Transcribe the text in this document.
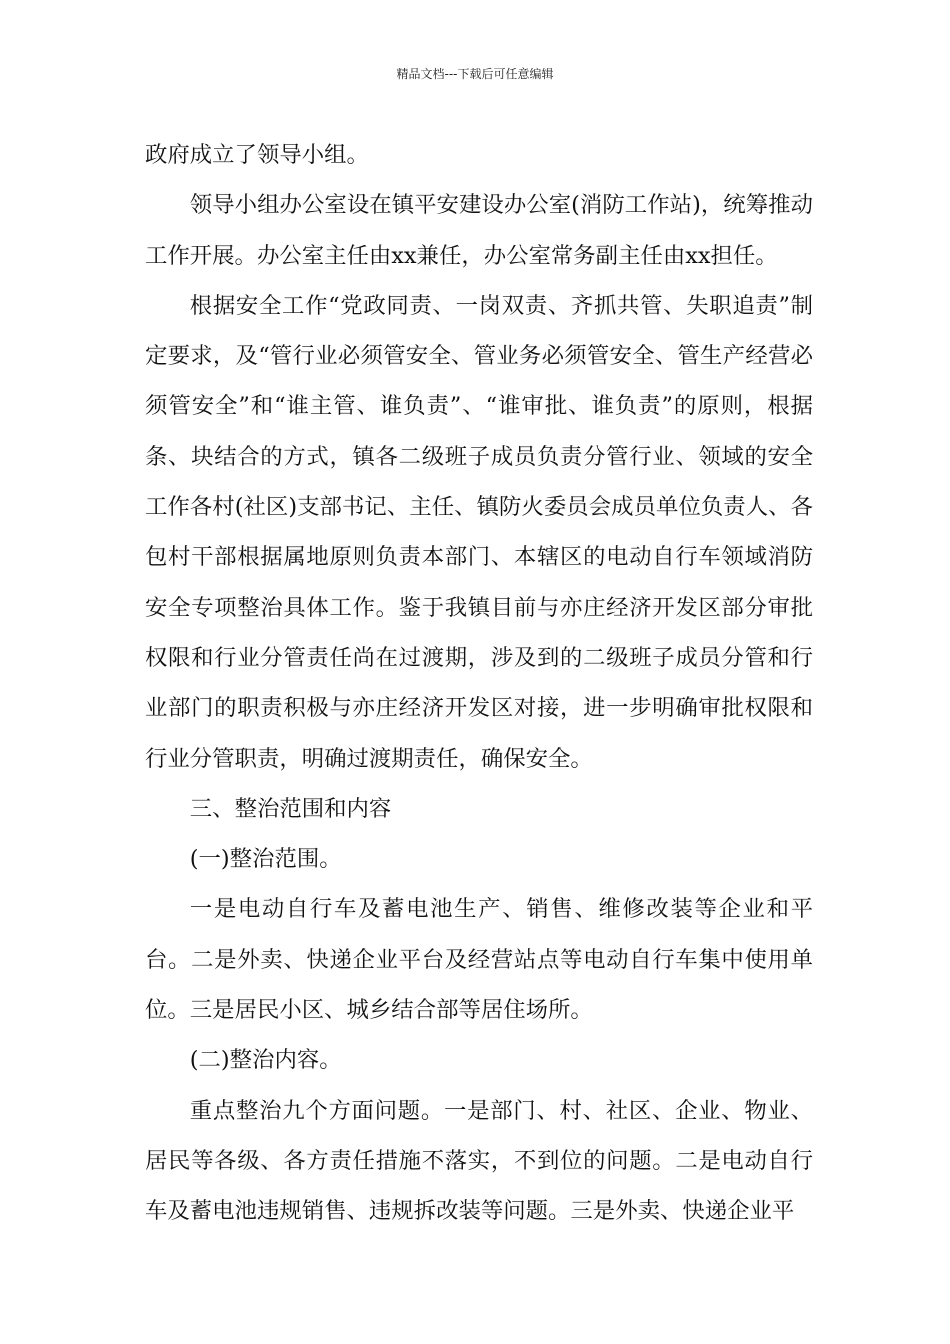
精品文档---下载后可任意编辑

政府成立了领导小组。

领导小组办公室设在镇平安建设办公室(消防工作站)，统筹推动工作开展。办公室主任由xx兼任，办公室常务副主任由xx担任。

根据安全工作“党政同责、一岗双责、齐抓共管、失职追责”制定要求，及“管行业必须管安全、管业务必须管安全、管生产经营必须管安全”和“谁主管、谁负责”、“谁审批、谁负责”的原则，根据条、块结合的方式，镇各二级班子成员负责分管行业、领域的安全工作各村(社区)支部书记、主任、镇防火委员会成员单位负责人、各包村干部根据属地原则负责本部门、本辖区的电动自行车领域消防安全专项整治具体工作。鉴于我镇目前与亦庄经济开发区部分审批权限和行业分管责任尚在过渡期，涉及到的二级班子成员分管和行业部门的职责积极与亦庄经济开发区对接，进一步明确审批权限和行业分管职责，明确过渡期责任，确保安全。

三、整治范围和内容

(一)整治范围。

一是电动自行车及蓄电池生产、销售、维修改装等企业和平台。二是外卖、快递企业平台及经营站点等电动自行车集中使用单位。三是居民小区、城乡结合部等居住场所。

(二)整治内容。

重点整治九个方面问题。一是部门、村、社区、企业、物业、居民等各级、各方责任措施不落实，不到位的问题。二是电动自行车及蓄电池违规销售、违规拆改装等问题。三是外卖、快递企业平
